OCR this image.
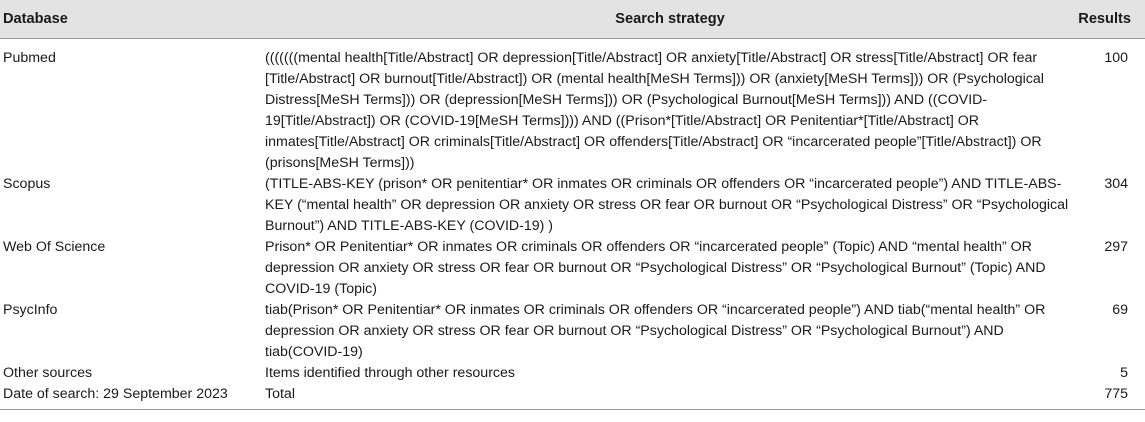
Database	Search strategy	Results
Pubmed	(((((((mental health[Title/Abstract] OR depression[Title/Abstract] OR anxiety[Title/Abstract] OR stress[Title/Abstract] OR fear [Title/Abstract] OR burnout[Title/Abstract]) OR (mental health[MeSH Terms])) OR (anxiety[MeSH Terms])) OR (Psychological Distress[MeSH Terms])) OR (depression[MeSH Terms])) OR (Psychological Burnout[MeSH Terms])) AND ((COVID-19[Title/Abstract]) OR (COVID-19[MeSH Terms]))) AND ((Prison*[Title/Abstract] OR Penitentiar*[Title/Abstract] OR inmates[Title/Abstract] OR criminals[Title/Abstract] OR offenders[Title/Abstract] OR “incarcerated people”[Title/Abstract]) OR (prisons[MeSH Terms]))	100
Scopus	(TITLE-ABS-KEY (prison* OR penitentiar* OR inmates OR criminals OR offenders OR “incarcerated people”) AND TITLE-ABS-KEY (“mental health” OR depression OR anxiety OR stress OR fear OR burnout OR “Psychological Distress” OR “Psychological Burnout”) AND TITLE-ABS-KEY (COVID-19) )	304
Web Of Science	Prison* OR Penitentiar* OR inmates OR criminals OR offenders OR “incarcerated people” (Topic) AND “mental health” OR depression OR anxiety OR stress OR fear OR burnout OR “Psychological Distress” OR “Psychological Burnout” (Topic) AND COVID-19 (Topic)	297
PsycInfo	tiab(Prison* OR Penitentiar* OR inmates OR criminals OR offenders OR “incarcerated people”) AND tiab(“mental health” OR depression OR anxiety OR stress OR fear OR burnout OR “Psychological Distress” OR “Psychological Burnout”) AND tiab(COVID-19)	69
Other sources	Items identified through other resources	5
Date of search: 29 September 2023	Total	775
